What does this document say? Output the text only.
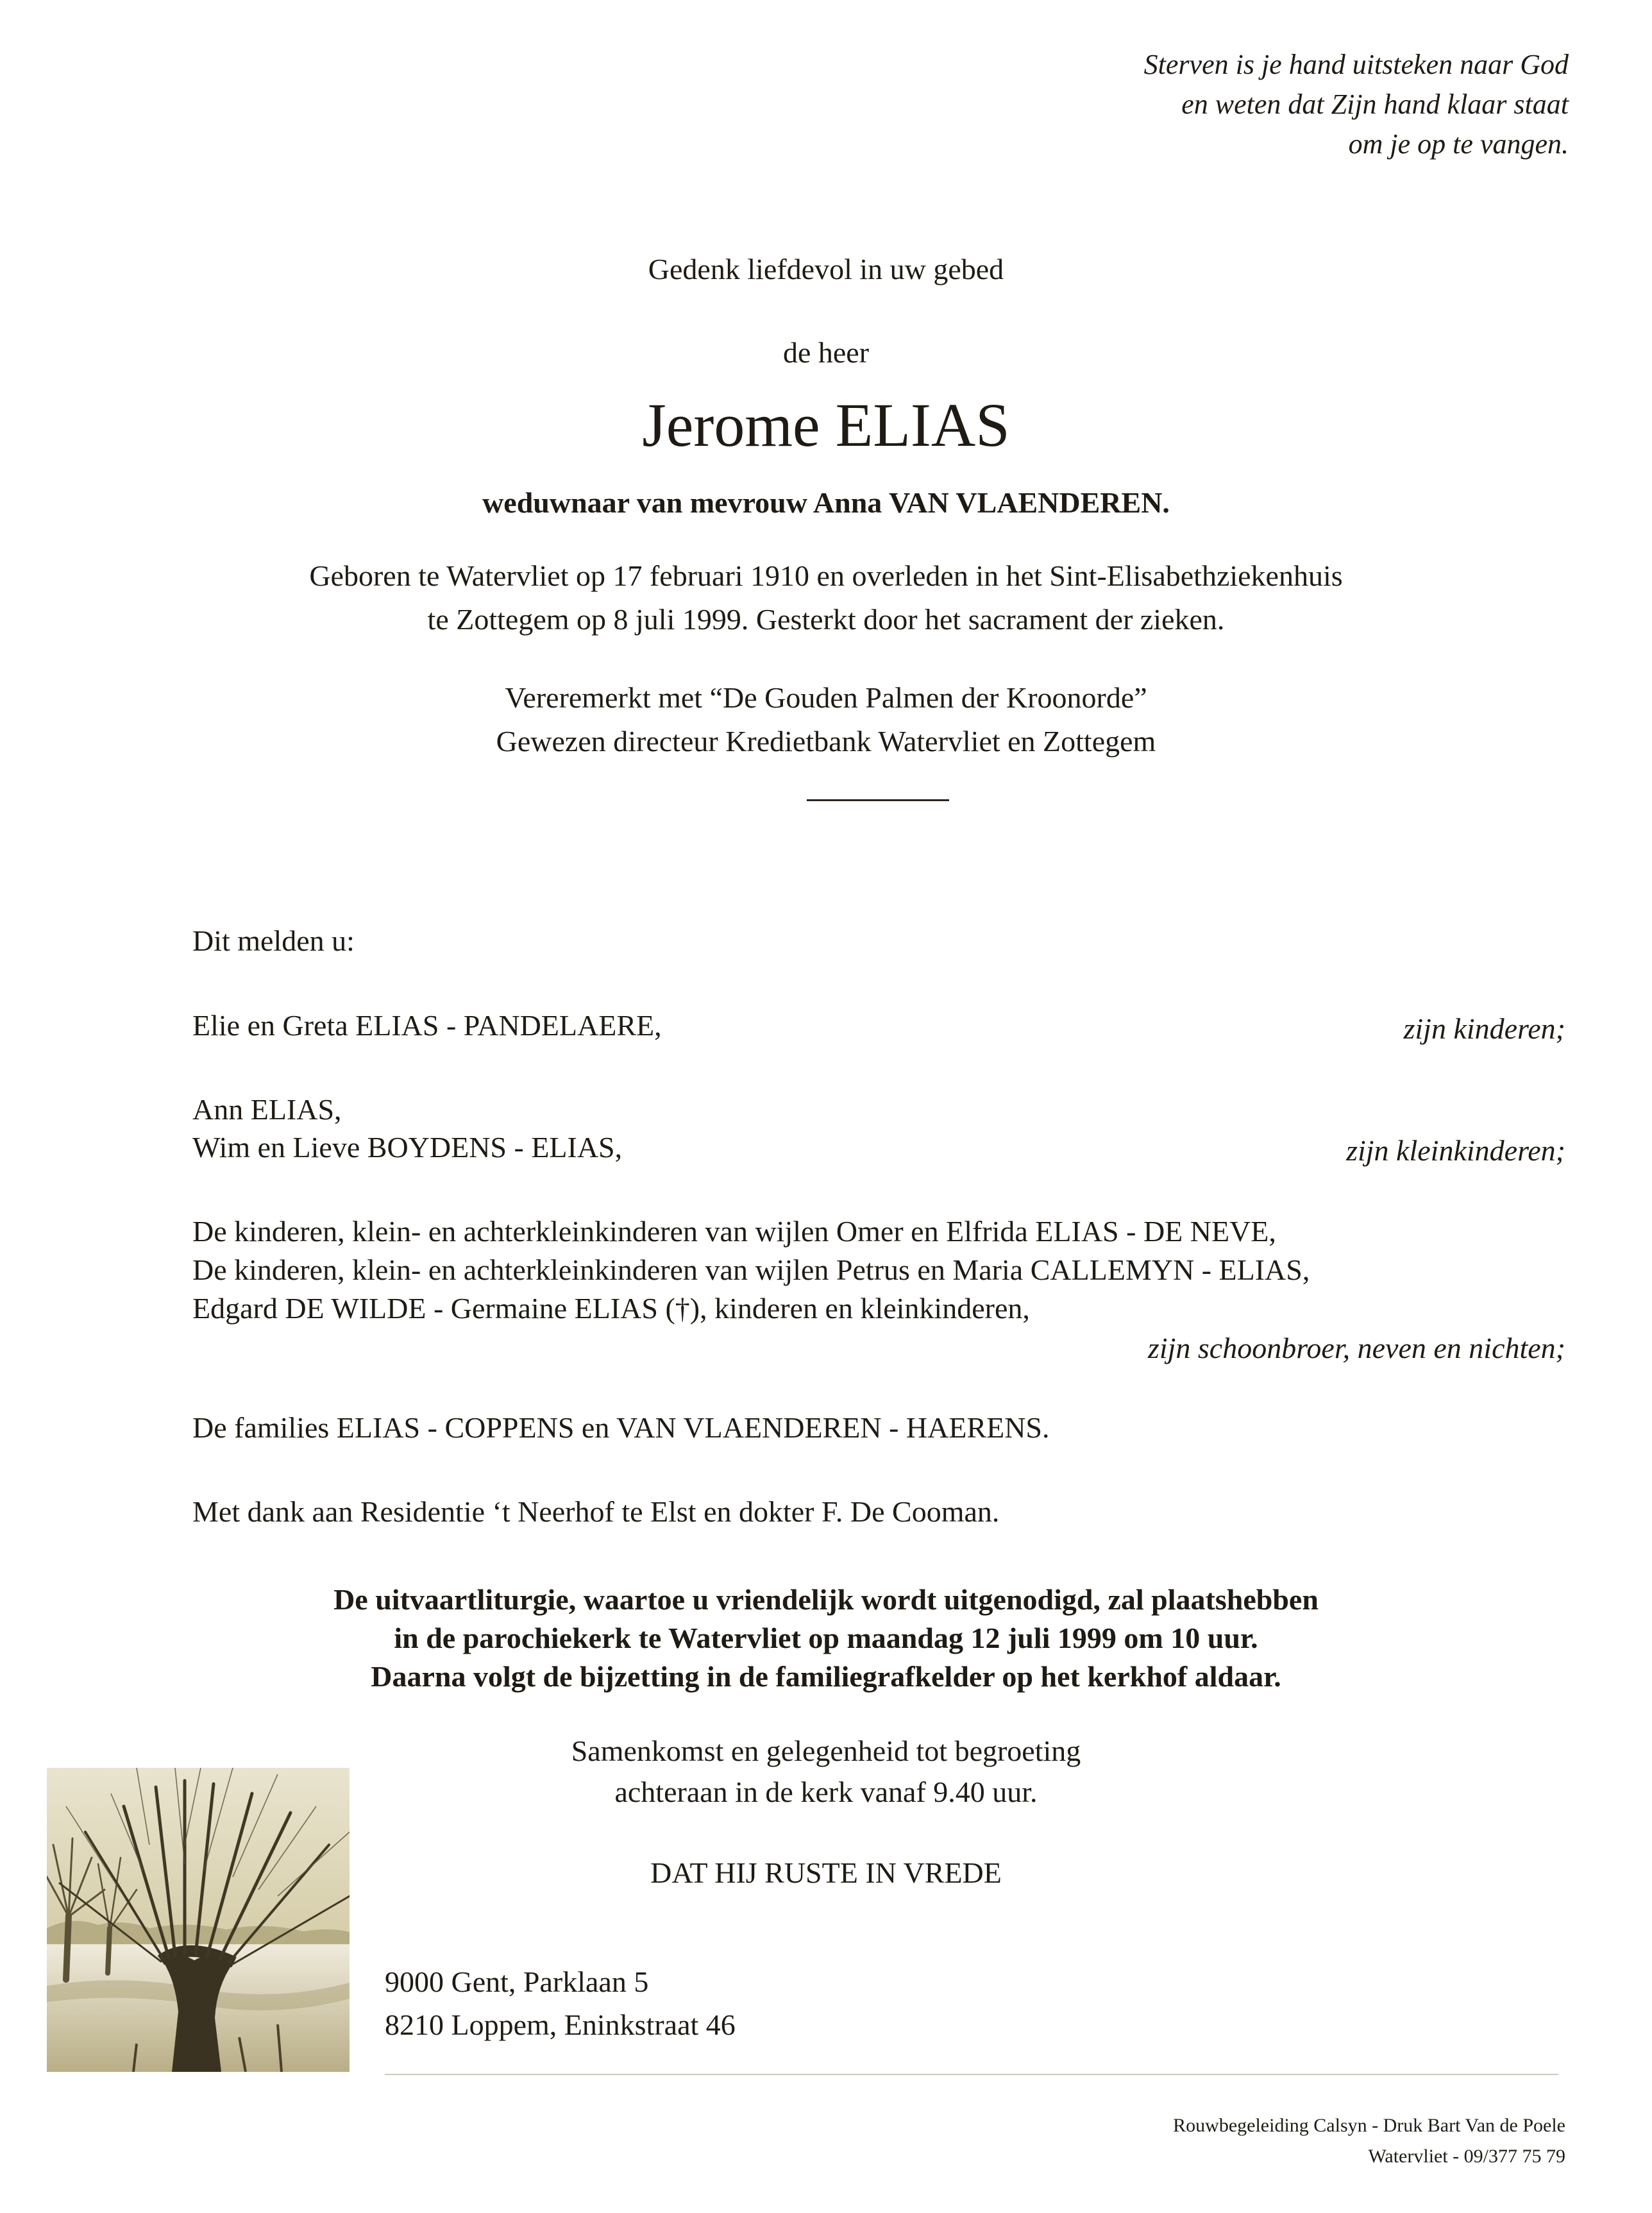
Sterven is je hand uitsteken naar God
en weten dat Zijn hand klaar staat
om je op te vangen.
Gedenk liefdevol in uw gebed
de heer
Jerome ELIAS
weduwnaar van mevrouw Anna VAN VLAENDEREN.
Geboren te Watervliet op 17 februari 1910 en overleden in het Sint-Elisabethziekenhuis
te Zottegem op 8 juli 1999. Gesterkt door het sacrament der zieken.
Vereremerkt met “De Gouden Palmen der Kroonorde”
Gewezen directeur Kredietbank Watervliet en Zottegem
Dit melden u:
Elie en Greta ELIAS - PANDELAERE,	zijn kinderen;
Ann ELIAS,
Wim en Lieve BOYDENS - ELIAS,	zijn kleinkinderen;
De kinderen, klein- en achterkleinkinderen van wijlen Omer en Elfrida ELIAS - DE NEVE,
De kinderen, klein- en achterkleinkinderen van wijlen Petrus en Maria CALLEMYN - ELIAS,
Edgard DE WILDE - Germaine ELIAS (†), kinderen en kleinkinderen,
zijn schoonbroer, neven en nichten;
De families ELIAS - COPPENS en VAN VLAENDEREN - HAERENS.
Met dank aan Residentie ‘t Neerhof te Elst en dokter F. De Cooman.
De uitvaartliturgie, waartoe u vriendelijk wordt uitgenodigd, zal plaatshebben
in de parochiekerk te Watervliet op maandag 12 juli 1999 om 10 uur.
Daarna volgt de bijzetting in de familiegrafkelder op het kerkhof aldaar.
Samenkomst en gelegenheid tot begroeting
achteraan in de kerk vanaf 9.40 uur.
DAT HIJ RUSTE IN VREDE
9000 Gent, Parklaan 5
8210 Loppem, Eninkstraat 46
Rouwbegeleiding Calsyn - Druk Bart Van de Poele
Watervliet - 09/377 75 79
